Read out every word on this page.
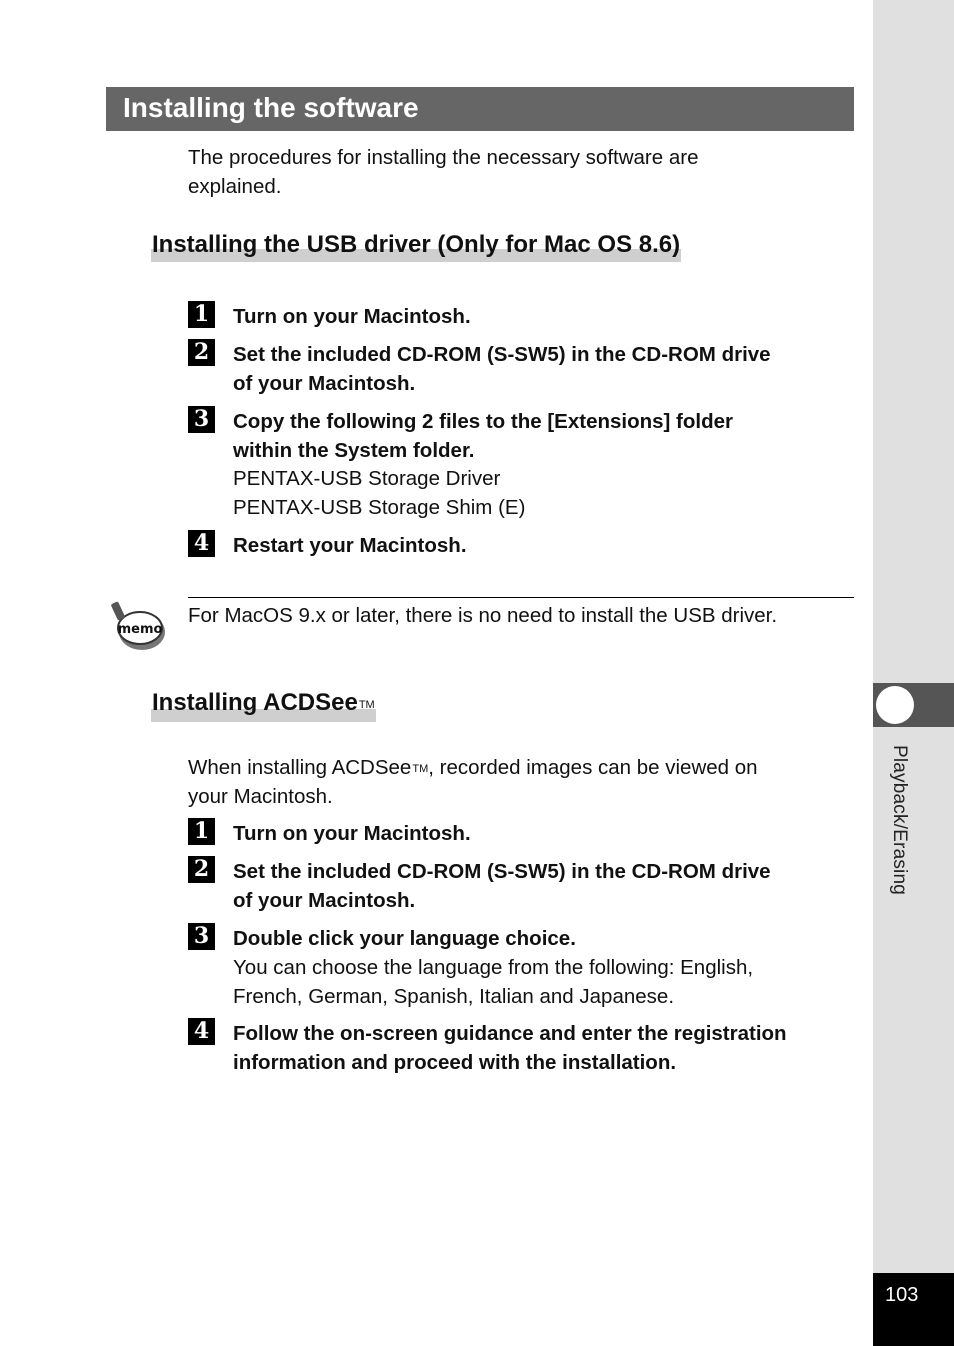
Playback/Erasing
103
Installing the software

The procedures for installing the necessary software are

explained.

Installing the USB driver (Only for Mac OS 8.6)
1 Turn on your Macintosh.

2 Set the included CD-ROM (S-SW5) in the CD-ROM drive

of your Macintosh.

3 Copy the following 2 files to the [Extensions] folder

within the System folder.

PENTAX-USB Storage Driver

PENTAX-USB Storage Shim (E)

4 Restart your Macintosh.

memo

For MacOS 9.x or later, there is no need to install the USB driver.

Installing ACDSeeTM

When installing ACDSeeTM, recorded images can be viewed on

your Macintosh.

1 Turn on your Macintosh.

2 Set the included CD-ROM (S-SW5) in the CD-ROM drive

of your Macintosh.

3 Double click your language choice.

You can choose the language from the following: English,

French, German, Spanish, Italian and Japanese.

4 Follow the on-screen guidance and enter the registration

information and proceed with the installation.
